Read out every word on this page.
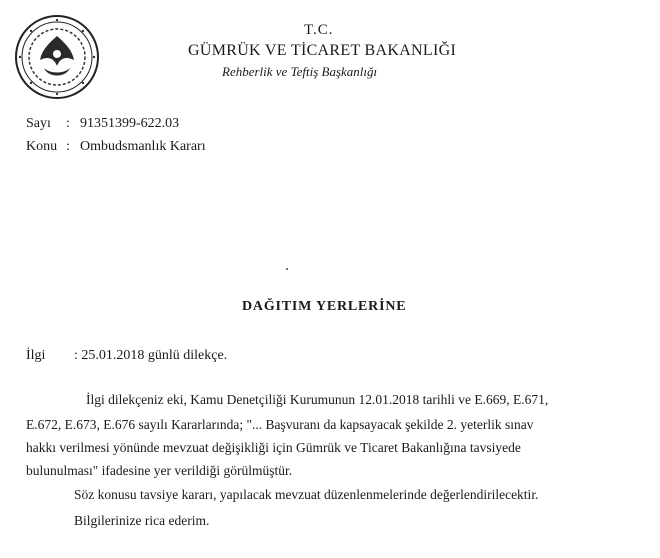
T.C.
GÜMRÜK VE TİCARET BAKANLIĞI
Rehberlik ve Teftiş Başkanlığı
Sayı : 91351399-622.03
Konu : Ombudsmanlık Kararı
DAĞITIM YERLERİNE
İlgi : 25.01.2018 günlü dilekçe.
İlgi dilekçeniz eki, Kamu Denetçiliği Kurumunun 12.01.2018 tarihli ve E.669, E.671,
E.672, E.673, E.676 sayılı Kararlarında; "... Başvuranı da kapsayacak şekilde 2. yeterlik sınav
hakkı verilmesi yönünde mevzuat değişikliği için Gümrük ve Ticaret Bakanlığına tavsiyede
bulunulması" ifadesine yer verildiği görülmüştür.
Söz konusu tavsiye kararı, yapılacak mevzuat düzenlenmelerinde değerlendirilecektir.
Bilgilerinize rica ederim.
